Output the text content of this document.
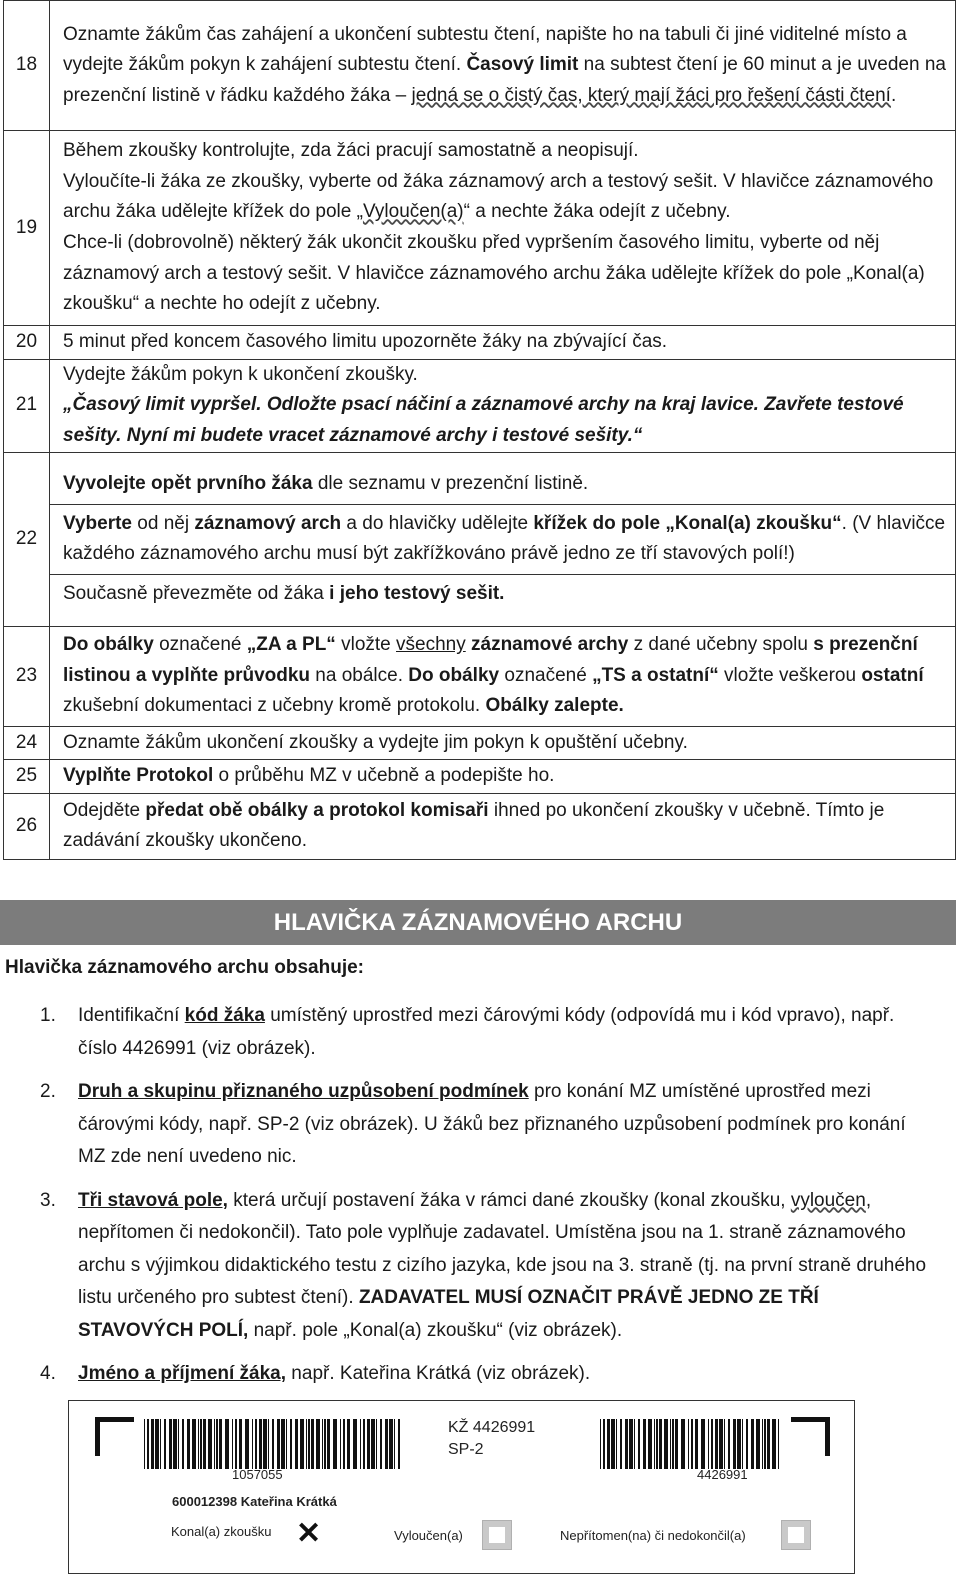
18	Oznamte žákům čas zahájení a ukončení subtestu čtení, napište ho na tabuli či jiné viditelné místo a vydejte žákům pokyn k zahájení subtestu čtení. Časový limit na subtest čtení je 60 minut a je uveden na prezenční listině v řádku každého žáka – jedná se o čistý čas, který mají žáci pro řešení části čtení.

19	Během zkoušky kontrolujte, zda žáci pracují samostatně a neopisují.
Vyloučíte-li žáka ze zkoušky, vyberte od žáka záznamový arch a testový sešit. V hlavičce záznamového archu žáka udělejte křížek do pole „Vyloučen(a)“ a nechte žáka odejít z učebny.
Chce-li (dobrovolně) některý žák ukončit zkoušku před vypršením časového limitu, vyberte od něj záznamový arch a testový sešit. V hlavičce záznamového archu žáka udělejte křížek do pole „Konal(a) zkoušku“ a nechte ho odejít z učebny.

20	5 minut před koncem časového limitu upozorněte žáky na zbývající čas.

21	Vydejte žákům pokyn k ukončení zkoušky.
„Časový limit vypršel. Odložte psací náčiní a záznamové archy na kraj lavice. Zavřete testové sešity. Nyní mi budete vracet záznamové archy i testové sešity.“

22	Vyvolejte opět prvního žáka dle seznamu v prezenční listině.
Vyberte od něj záznamový arch a do hlavičky udělejte křížek do pole „Konal(a) zkoušku“. (V hlavičce každého záznamového archu musí být zakřížkováno právě jedno ze tří stavových polí!)
Současně převezměte od žáka i jeho testový sešit.

23	Do obálky označené „ZA a PL“ vložte všechny záznamové archy z dané učebny spolu s prezenční listinou a vyplňte průvodku na obálce. Do obálky označené „TS a ostatní“ vložte veškerou ostatní zkušební dokumentaci z učebny kromě protokolu. Obálky zalepte.

24	Oznamte žákům ukončení zkoušky a vydejte jim pokyn k opuštění učebny.

25	Vyplňte Protokol o průběhu MZ v učebně a podepište ho.

26	Odejděte předat obě obálky a protokol komisaři ihned po ukončení zkoušky v učebně. Tímto je zadávání zkoušky ukončeno.
HLAVIČKA ZÁZNAMOVÉHO ARCHU
Hlavička záznamového archu obsahuje:
1. Identifikační kód žáka umístěný uprostřed mezi čárovými kódy (odpovídá mu i kód vpravo), např. číslo 4426991 (viz obrázek).
2. Druh a skupinu přiznaného uzpůsobení podmínek pro konání MZ umístěné uprostřed mezi čárovými kódy, např. SP-2 (viz obrázek). U žáků bez přiznaného uzpůsobení podmínek pro konání MZ zde není uvedeno nic.
3. Tři stavová pole, která určují postavení žáka v rámci dané zkoušky (konal zkoušku, vyloučen, nepřítomen či nedokončil). Tato pole vyplňuje zadavatel. Umístěna jsou na 1. straně záznamového archu s výjimkou didaktického testu z cizího jazyka, kde jsou na 3. straně (tj. na první straně druhého listu určeného pro subtest čtení). ZADAVATEL MUSÍ OZNAČIT PRÁVĚ JEDNO ZE TŘÍ STAVOVÝCH POLÍ, např. pole „Konal(a) zkoušku“ (viz obrázek).
4. Jméno a příjmení žáka, např. Kateřina Krátká (viz obrázek).
1057055
KŽ 4426991
SP-2
4426991
600012398 Kateřina Krátká
Konal(a) zkoušku ✕	Vyloučen(a)	Nepřítomen(na) či nedokončil(a)
